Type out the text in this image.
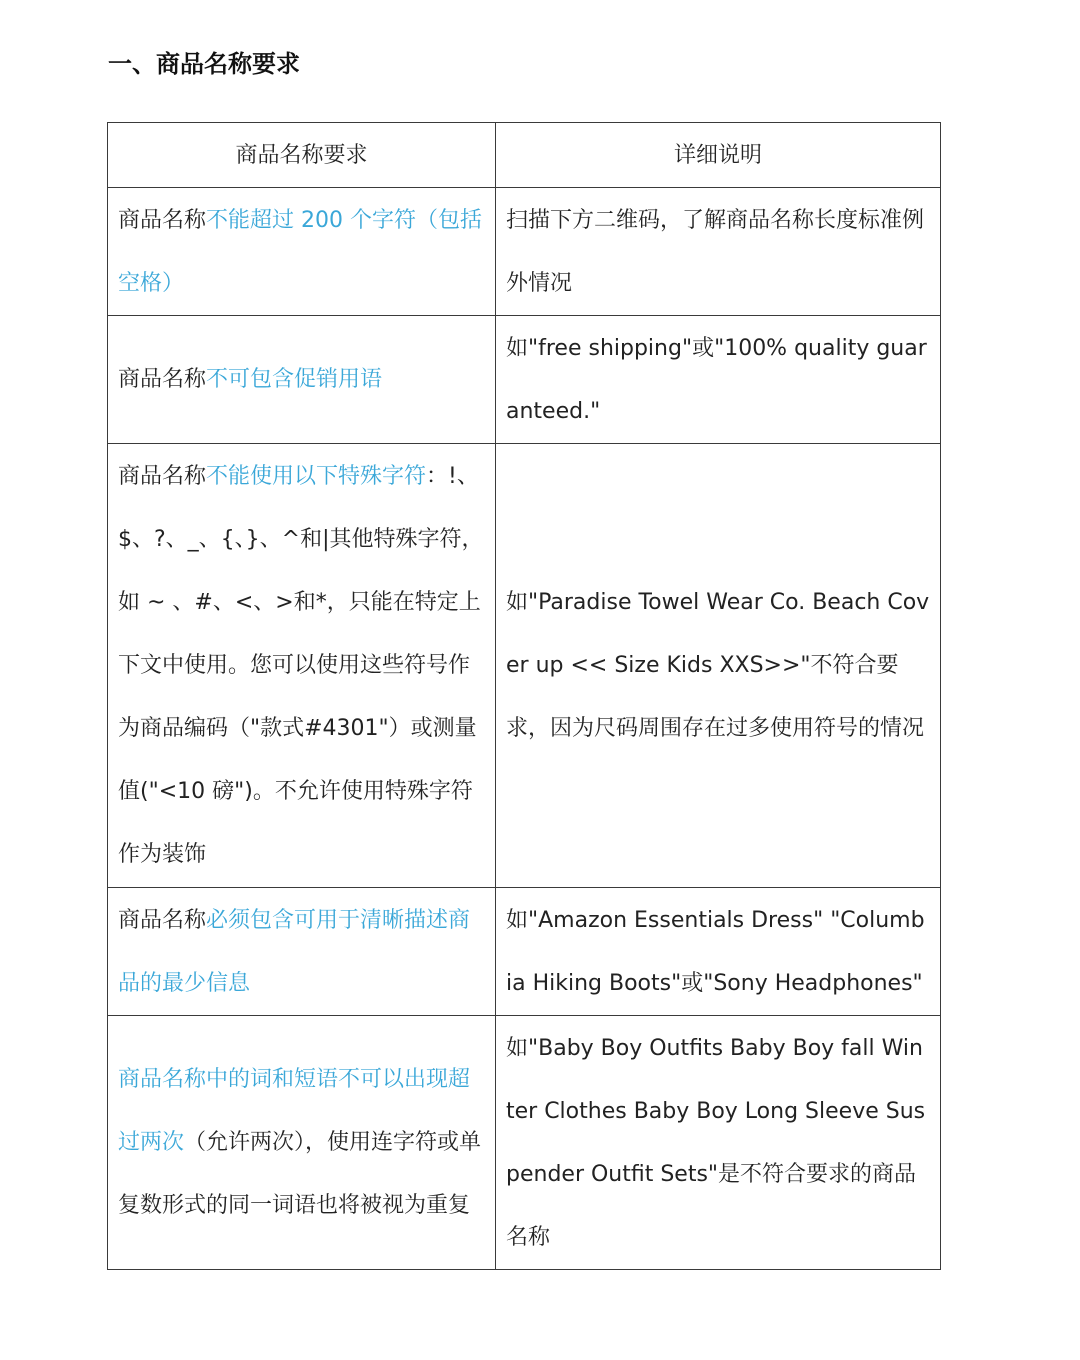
一、商品名称要求
商品名称要求	详细说明
商品名称不能超过 200 个字符（包括空格）	扫描下方二维码，了解商品名称长度标准例外情况
商品名称不可包含促销用语	如"free shipping"或"100% quality guaranteed."
商品名称不能使用以下特殊字符：!、$、?、_、{、}、^和|其他特殊字符，如 ~ 、#、<、>和*，只能在特定上下文中使用。您可以使用这些符号作为商品编码（"款式#4301"）或测量值("<10 磅")。不允许使用特殊字符作为装饰	如"Paradise Towel Wear Co. Beach Cover up << Size Kids XXS>>"不符合要求，因为尺码周围存在过多使用符号的情况
商品名称必须包含可用于清晰描述商品的最少信息	如"Amazon Essentials Dress" "Columbia Hiking Boots"或"Sony Headphones"
商品名称中的词和短语不可以出现超过两次（允许两次），使用连字符或单复数形式的同一词语也将被视为重复	如"Baby Boy Outfits Baby Boy fall Winter Clothes Baby Boy Long Sleeve Suspender Outfit Sets"是不符合要求的商品名称
